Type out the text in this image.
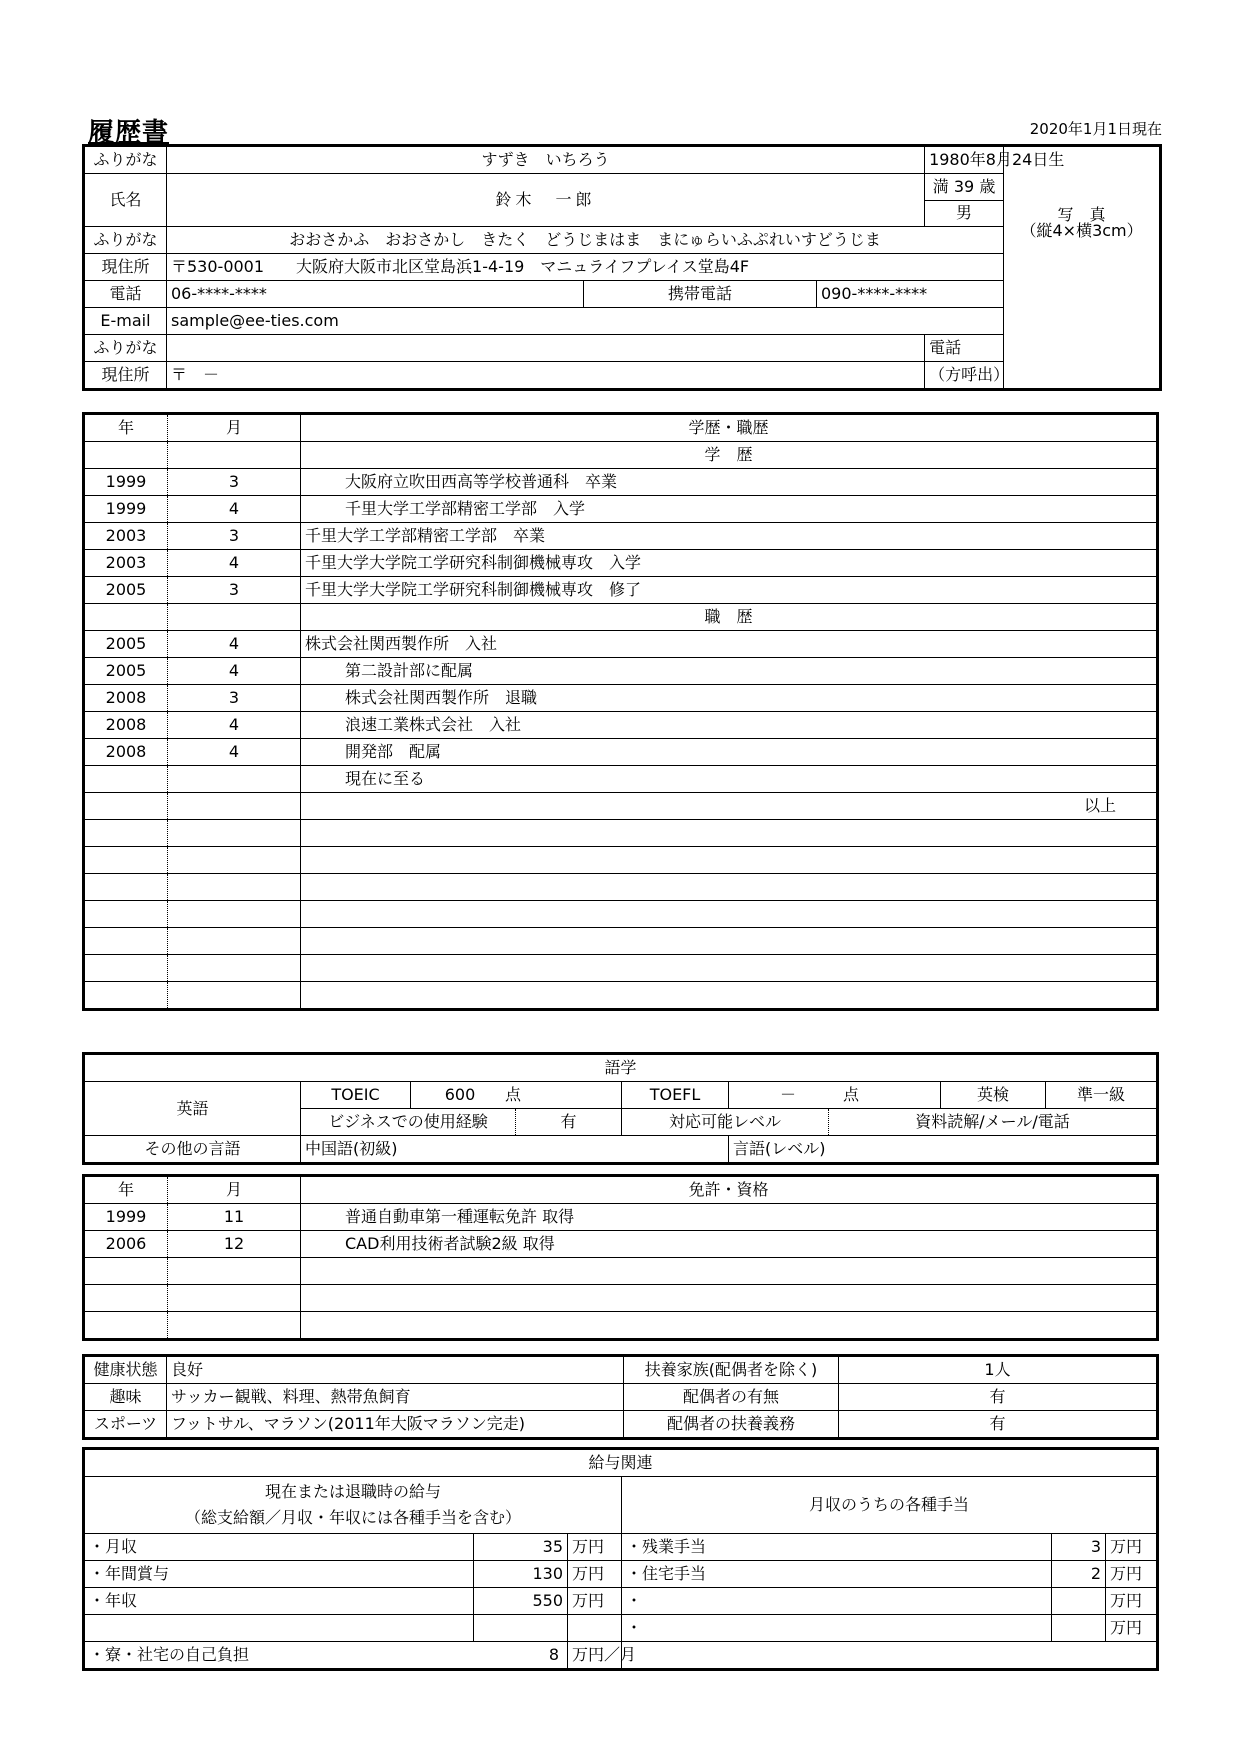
履歴書	2020年1月1日現在
ふりがな	すずき　いちろう			1980年8月24日生	写　真
（縦4×横3cm）

氏名	鈴木　一郎			満 39 歳	
				男	
ふりがな	おおさかふ　おおさかし　きたく　どうじまはま　まにゅらいふぷれいすどうじま				
現住所	〒530-0001　　大阪府大阪市北区堂島浜1-4-19　マニュライフプレイス堂島4F				
電話	06-****-****	携帯電話	090-****-****		
E-mail	sample@ee-ties.com				
ふりがな				電話	
現住所	〒　－			（方呼出）	
年	月	学歴・職歴
		学　歴
1999	3	大阪府立吹田西高等学校普通科　卒業
1999	4	千里大学工学部精密工学部　入学
2003	3	千里大学工学部精密工学部　卒業
2003	4	千里大学大学院工学研究科制御機械専攻　入学
2005	3	千里大学大学院工学研究科制御機械専攻　修了
		職　歴
2005	4	株式会社関西製作所　入社
2005	4	第二設計部に配属
2008	3	株式会社関西製作所　退職
2008	4	浪速工業株式会社　入社
2008	4	開発部　配属
		現在に至る
		以上

語学								
英語	TOEIC	600 点		TOEFL	－ 点		英検	準一級
	ビジネスでの使用経験		有	対応可能レベル		資料読解/メール/電話		
その他の言語	中国語(初級)				言語(レベル)			
年	月	免許・資格
1999	11	普通自動車第一種運転免許 取得
2006	12	CAD利用技術者試験2級 取得

健康状態	良好	扶養家族(配偶者を除く)	1人
趣味	サッカー観戦、料理、熱帯魚飼育	配偶者の有無	有
スポーツ	フットサル、マラソン(2011年大阪マラソン完走)	配偶者の扶養義務	有
給与関連					

現在または退職時の給与
（総支給額／月収・年収には各種手当を含む）			月収のうちの各種手当		
・月収	35	万円	・残業手当	3	万円
・年間賞与	130	万円	・住宅手当	2	万円
・年収	550	万円	・		万円
			・		万円
・寮・社宅の自己負担 8		万円／月			
